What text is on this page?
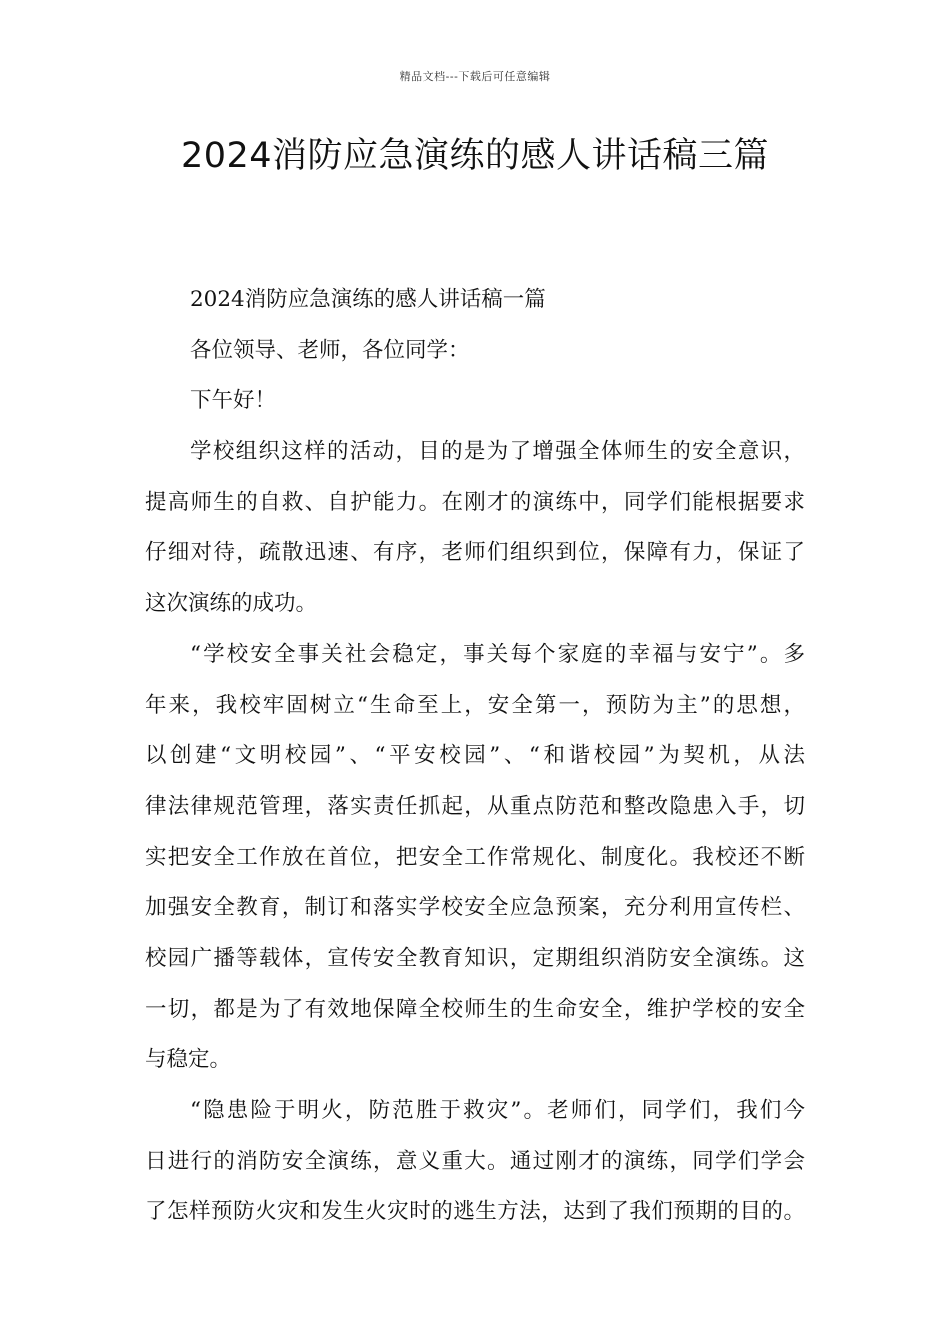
精品文档---下载后可任意编辑
2024消防应急演练的感人讲话稿三篇
2024消防应急演练的感人讲话稿一篇
各位领导、老师，各位同学：
下午好！
学校组织这样的活动，目的是为了增强全体师生的安全意识，
提高师生的自救、自护能力。在刚才的演练中，同学们能根据要求
仔细对待，疏散迅速、有序，老师们组织到位，保障有力，保证了
这次演练的成功。
“学校安全事关社会稳定，事关每个家庭的幸福与安宁”。多
年来，我校牢固树立“生命至上，安全第一，预防为主”的思想，
以创建“文明校园”、“平安校园”、“和谐校园”为契机，从法
律法律规范管理，落实责任抓起，从重点防范和整改隐患入手，切
实把安全工作放在首位，把安全工作常规化、制度化。我校还不断
加强安全教育，制订和落实学校安全应急预案，充分利用宣传栏、
校园广播等载体，宣传安全教育知识，定期组织消防安全演练。这
一切，都是为了有效地保障全校师生的生命安全，维护学校的安全
与稳定。
“隐患险于明火，防范胜于救灾”。老师们，同学们，我们今
日进行的消防安全演练，意义重大。通过刚才的演练，同学们学会
了怎样预防火灾和发生火灾时的逃生方法，达到了我们预期的目的。
